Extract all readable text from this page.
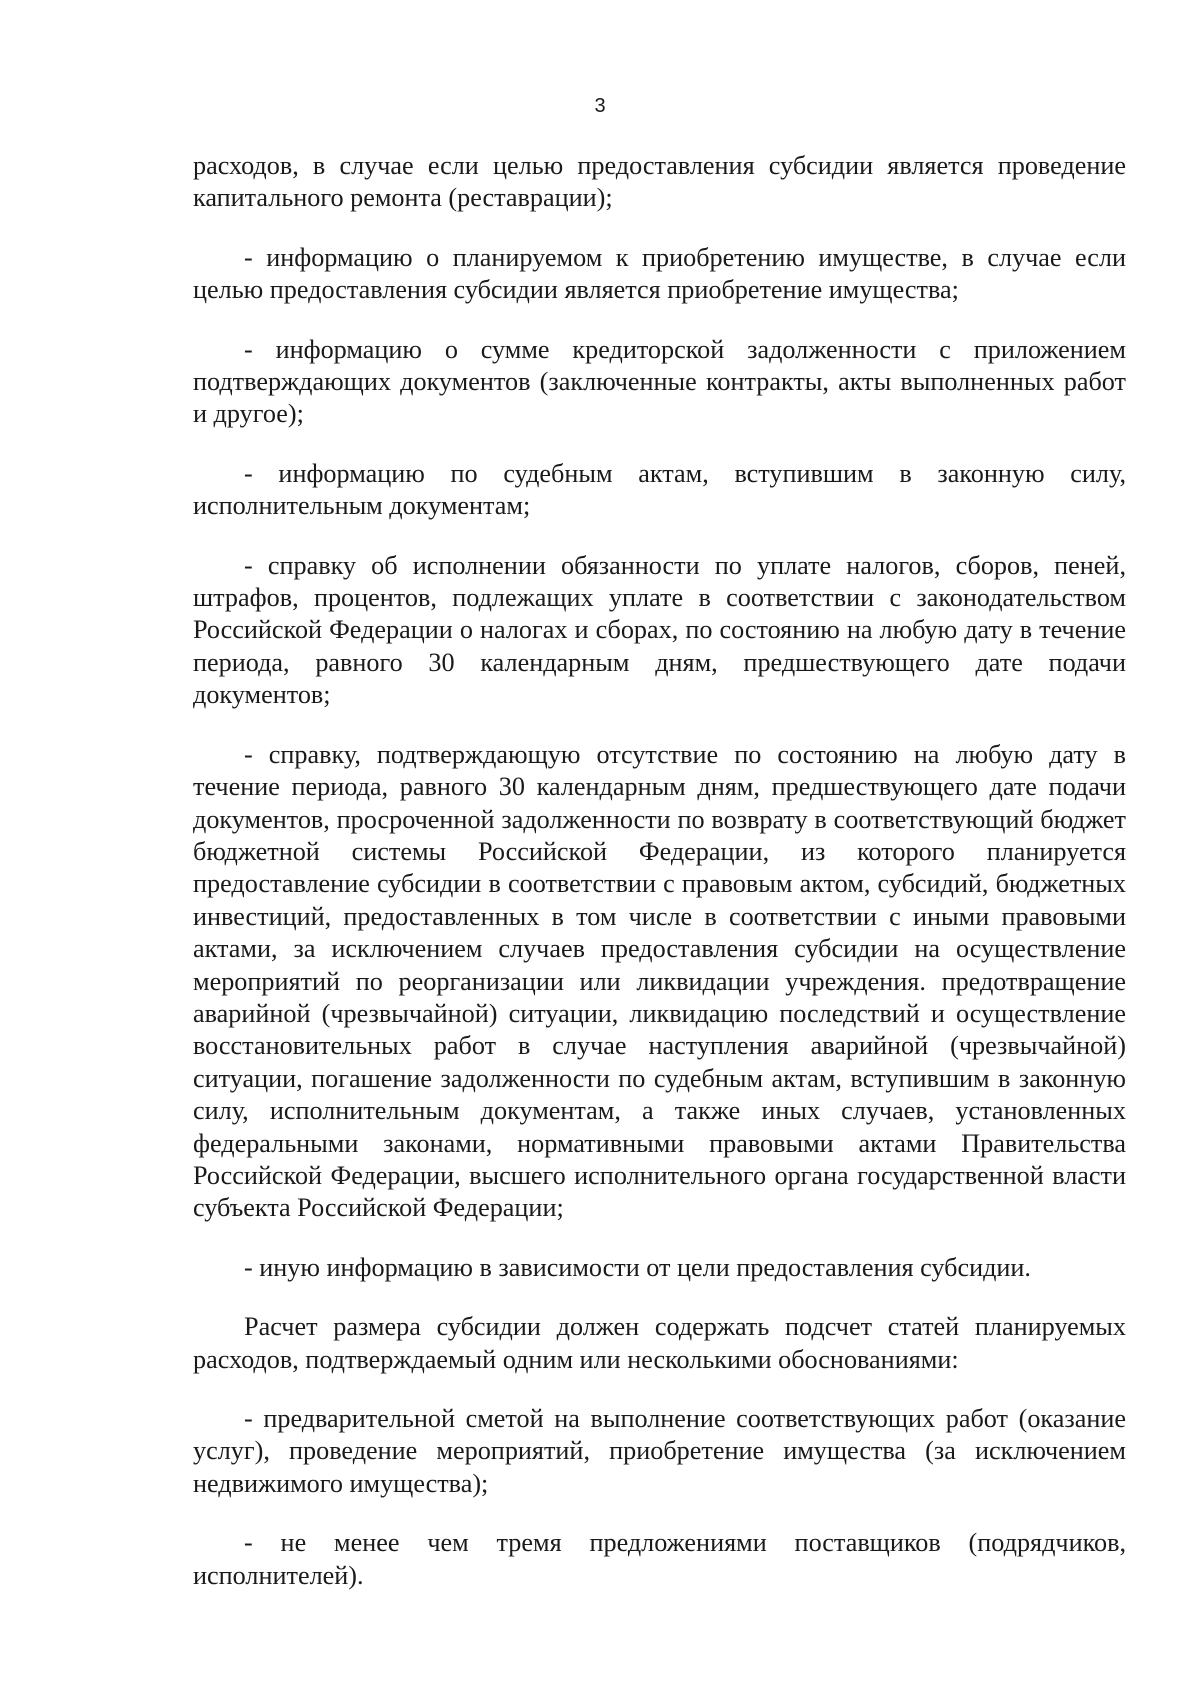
3

расходов, в случае если целью предоставления субсидии является проведение капитального ремонта (реставрации);

- информацию о планируемом к приобретению имуществе, в случае если целью предоставления субсидии является приобретение имущества;

- информацию о сумме кредиторской задолженности с приложением подтверждающих документов (заключенные контракты, акты выполненных работ и другое);

- информацию по судебным актам, вступившим в законную силу, исполнительным документам;

- справку об исполнении обязанности по уплате налогов, сборов, пеней, штрафов, процентов, подлежащих уплате в соответствии с законодательством Российской Федерации о налогах и сборах, по состоянию на любую дату в течение периода, равного 30 календарным дням, предшествующего дате подачи документов;

- справку, подтверждающую отсутствие по состоянию на любую дату в течение периода, равного 30 календарным дням, предшествующего дате подачи документов, просроченной задолженности по возврату в соответствующий бюджет бюджетной системы Российской Федерации, из которого планируется предоставление субсидии в соответствии с правовым актом, субсидий, бюджетных инвестиций, предоставленных в том числе в соответствии с иными правовыми актами, за исключением случаев предоставления субсидии на осуществление мероприятий по реорганизации или ликвидации учреждения. предотвращение аварийной (чрезвычайной) ситуации, ликвидацию последствий и осуществление восстановительных работ в случае наступления аварийной (чрезвычайной) ситуации, погашение задолженности по судебным актам, вступившим в законную силу, исполнительным документам, а также иных случаев, установленных федеральными законами, нормативными правовыми актами Правительства Российской Федерации, высшего исполнительного органа государственной власти субъекта Российской Федерации;

- иную информацию в зависимости от цели предоставления субсидии.

Расчет размера субсидии должен содержать подсчет статей планируемых расходов, подтверждаемый одним или несколькими обоснованиями:

- предварительной сметой на выполнение соответствующих работ (оказание услуг), проведение мероприятий, приобретение имущества (за исключением недвижимого имущества);

- не менее чем тремя предложениями поставщиков (подрядчиков, исполнителей).
